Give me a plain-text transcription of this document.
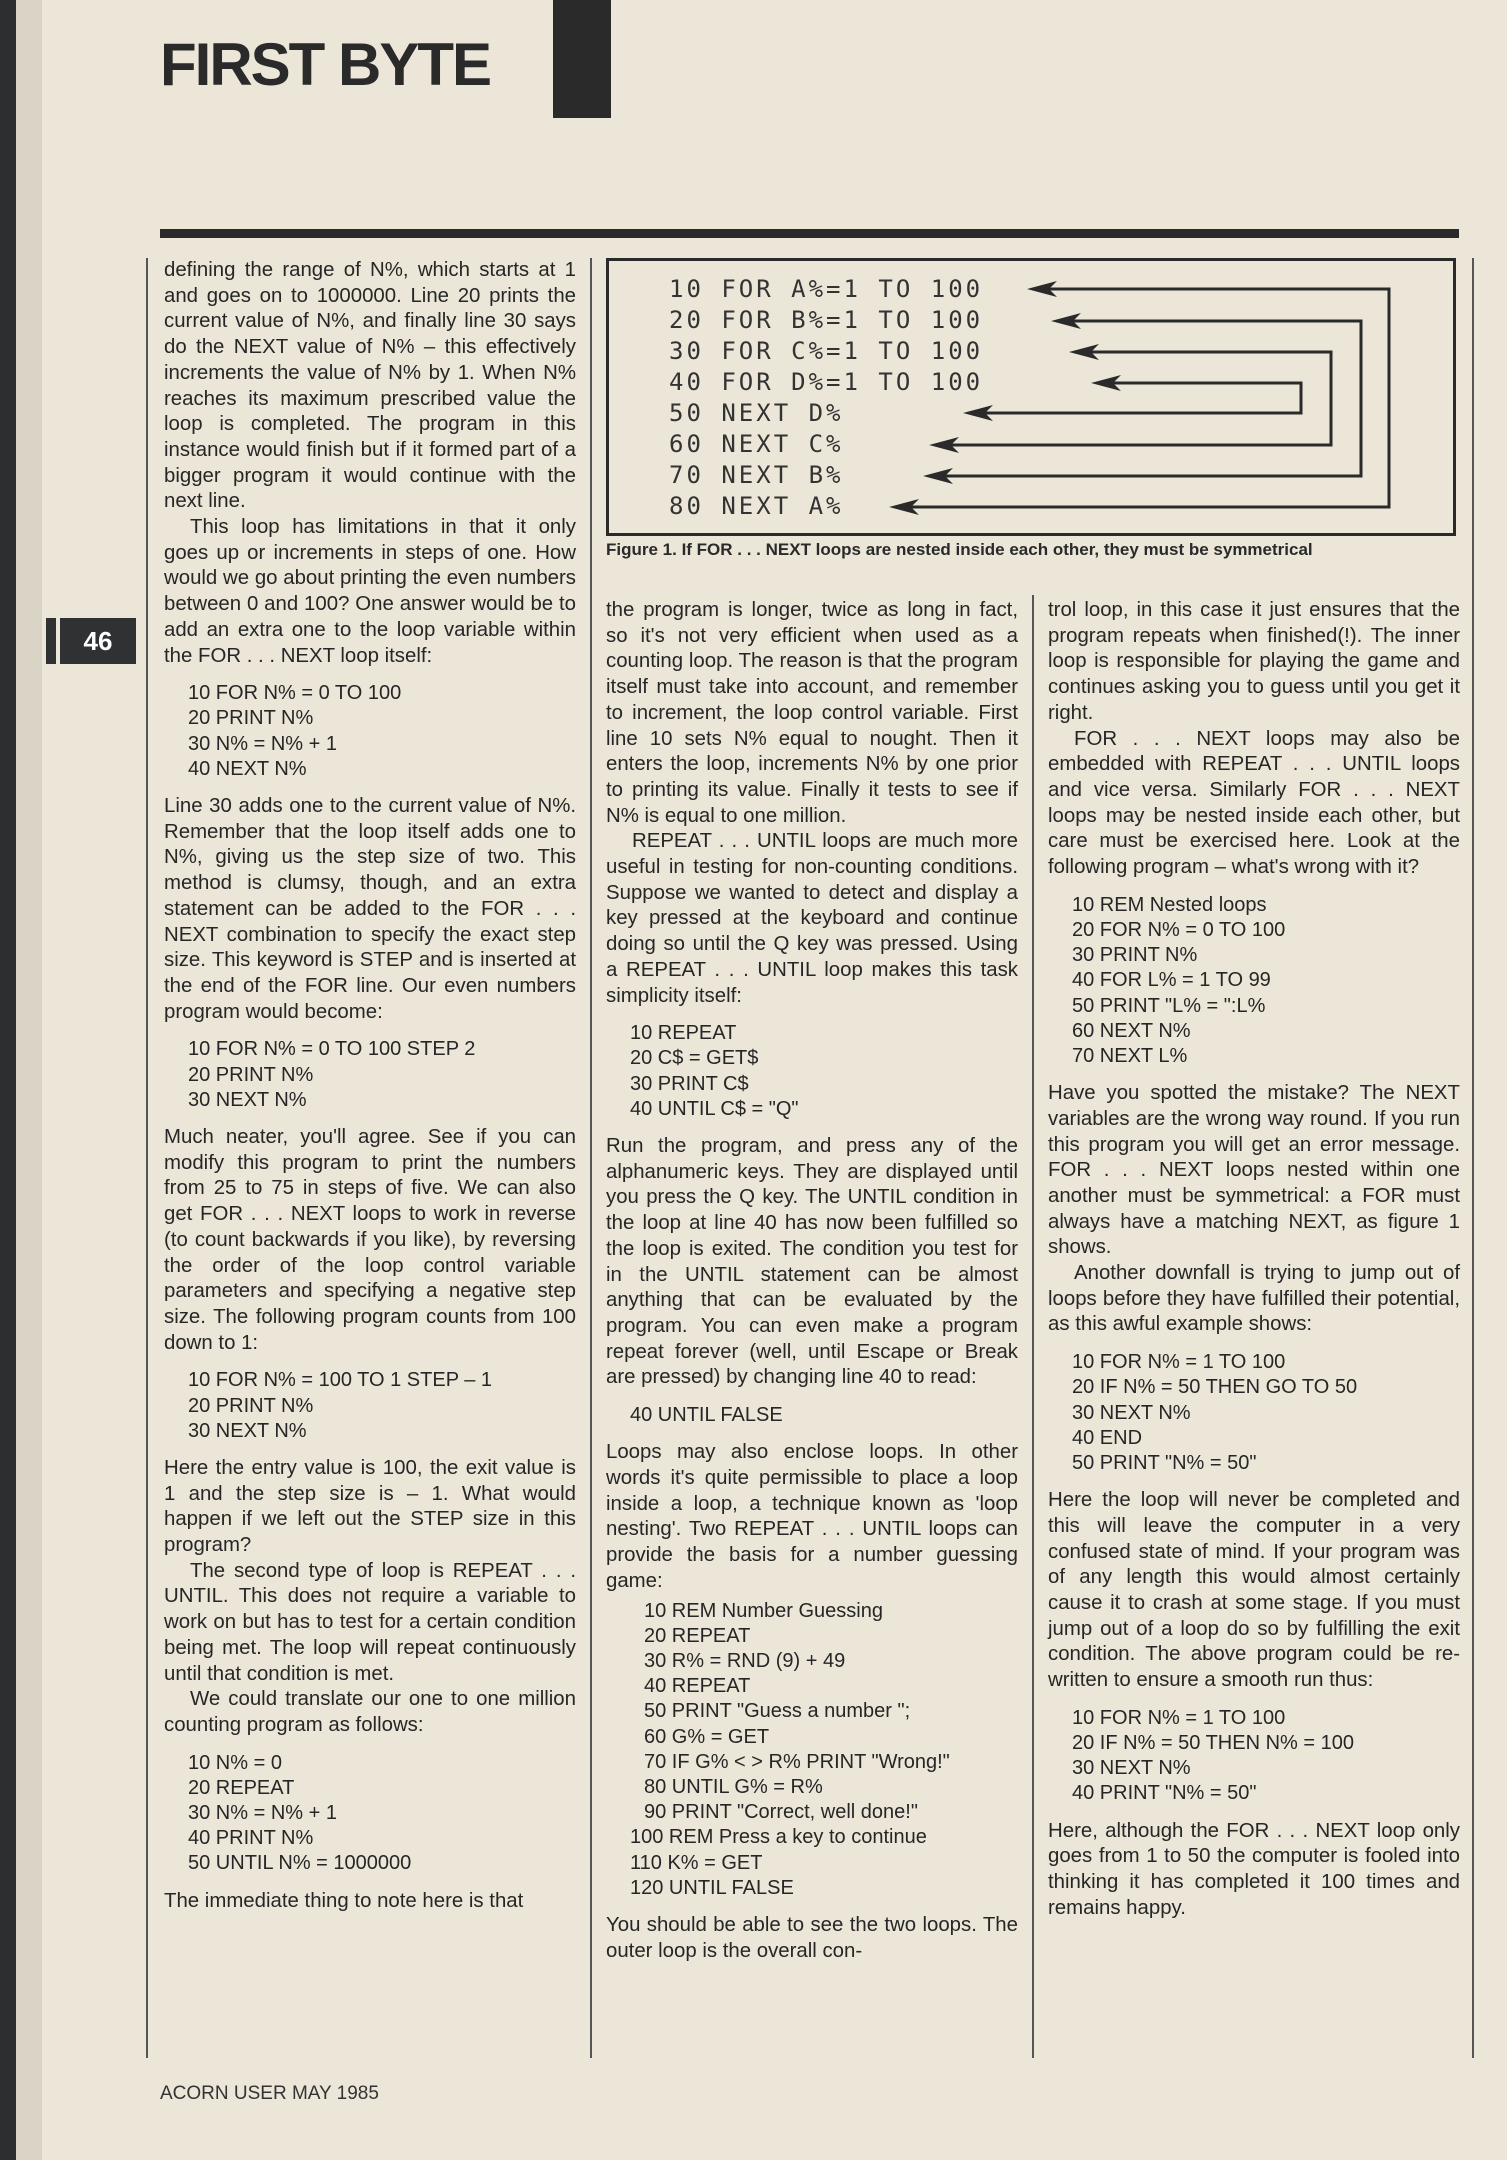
FIRST BYTE
46
10 FOR A%=1 TO 100
20 FOR B%=1 TO 100
30 FOR C%=1 TO 100
40 FOR D%=1 TO 100
50 NEXT D%
60 NEXT C%
70 NEXT B%
80 NEXT A%
Figure 1. If FOR . . . NEXT loops are nested inside each other, they must be symmetrical

defining the range of N%, which starts at 1 and goes on to 1000000. Line 20 prints the current value of N%, and finally line 30 says do the NEXT value of N% – this effectively increments the value of N% by 1. When N% reaches its maximum prescribed value the loop is completed. The program in this instance would finish but if it formed part of a bigger program it would continue with the next line.

This loop has limitations in that it only goes up or increments in steps of one. How would we go about printing the even numbers between 0 and 100? One answer would be to add an extra one to the loop variable within the FOR . . . NEXT loop itself:

10 FOR N% = 0 TO 100
20 PRINT N%
30 N% = N% + 1
40 NEXT N%

Line 30 adds one to the current value of N%. Remember that the loop itself adds one to N%, giving us the step size of two. This method is clumsy, though, and an extra statement can be added to the FOR . . . NEXT combination to specify the exact step size. This keyword is STEP and is inserted at the end of the FOR line. Our even numbers program would become:

10 FOR N% = 0 TO 100 STEP 2
20 PRINT N%
30 NEXT N%

Much neater, you'll agree. See if you can modify this program to print the numbers from 25 to 75 in steps of five. We can also get FOR . . . NEXT loops to work in reverse (to count backwards if you like), by reversing the order of the loop control variable parameters and specifying a negative step size. The following program counts from 100 down to 1:

10 FOR N% = 100 TO 1 STEP – 1
20 PRINT N%
30 NEXT N%

Here the entry value is 100, the exit value is 1 and the step size is – 1. What would happen if we left out the STEP size in this program?

The second type of loop is REPEAT . . . UNTIL. This does not require a variable to work on but has to test for a certain condition being met. The loop will repeat continuously until that condition is met.

We could translate our one to one million counting program as follows:

10 N% = 0
20 REPEAT
30 N% = N% + 1
40 PRINT N%
50 UNTIL N% = 1000000

The immediate thing to note here is that

the program is longer, twice as long in fact, so it's not very efficient when used as a counting loop. The reason is that the program itself must take into account, and remember to increment, the loop control variable. First line 10 sets N% equal to nought. Then it enters the loop, increments N% by one prior to printing its value. Finally it tests to see if N% is equal to one million.

REPEAT . . . UNTIL loops are much more useful in testing for non-counting conditions. Suppose we wanted to detect and display a key pressed at the keyboard and continue doing so until the Q key was pressed. Using a REPEAT . . . UNTIL loop makes this task simplicity itself:

10 REPEAT
20 C$ = GET$
30 PRINT C$
40 UNTIL C$ = "Q"

Run the program, and press any of the alphanumeric keys. They are displayed until you press the Q key. The UNTIL condition in the loop at line 40 has now been fulfilled so the loop is exited. The condition you test for in the UNTIL statement can be almost anything that can be evaluated by the program. You can even make a program repeat forever (well, until Escape or Break are pressed) by changing line 40 to read:

40 UNTIL FALSE

Loops may also enclose loops. In other words it's quite permissible to place a loop inside a loop, a technique known as 'loop nesting'. Two REPEAT . . . UNTIL loops can provide the basis for a number guessing game:

10 REM Number Guessing
20 REPEAT
30 R% = RND (9) + 49
40 REPEAT
50 PRINT "Guess a number ";
60 G% = GET
70 IF G% < > R% PRINT "Wrong!"
80 UNTIL G% = R%
90 PRINT "Correct, well done!"
100 REM Press a key to continue
110 K% = GET
120 UNTIL FALSE

You should be able to see the two loops. The outer loop is the overall con-

trol loop, in this case it just ensures that the program repeats when finished(!). The inner loop is responsible for playing the game and continues asking you to guess until you get it right.

FOR . . . NEXT loops may also be embedded with REPEAT . . . UNTIL loops and vice versa. Similarly FOR . . . NEXT loops may be nested inside each other, but care must be exercised here. Look at the following program – what's wrong with it?

10 REM Nested loops
20 FOR N% = 0 TO 100
30 PRINT N%
40 FOR L% = 1 TO 99
50 PRINT "L% = ":L%
60 NEXT N%
70 NEXT L%

Have you spotted the mistake? The NEXT variables are the wrong way round. If you run this program you will get an error message. FOR . . . NEXT loops nested within one another must be symmetrical: a FOR must always have a matching NEXT, as figure 1 shows.

Another downfall is trying to jump out of loops before they have fulfilled their potential, as this awful example shows:

10 FOR N% = 1 TO 100
20 IF N% = 50 THEN GO TO 50
30 NEXT N%
40 END
50 PRINT "N% = 50"

Here the loop will never be completed and this will leave the computer in a very confused state of mind. If your program was of any length this would almost certainly cause it to crash at some stage. If you must jump out of a loop do so by fulfilling the exit condition. The above program could be re-written to ensure a smooth run thus:

10 FOR N% = 1 TO 100
20 IF N% = 50 THEN N% = 100
30 NEXT N%
40 PRINT "N% = 50"

Here, although the FOR . . . NEXT loop only goes from 1 to 50 the computer is fooled into thinking it has completed it 100 times and remains happy.

ACORN USER MAY 1985
